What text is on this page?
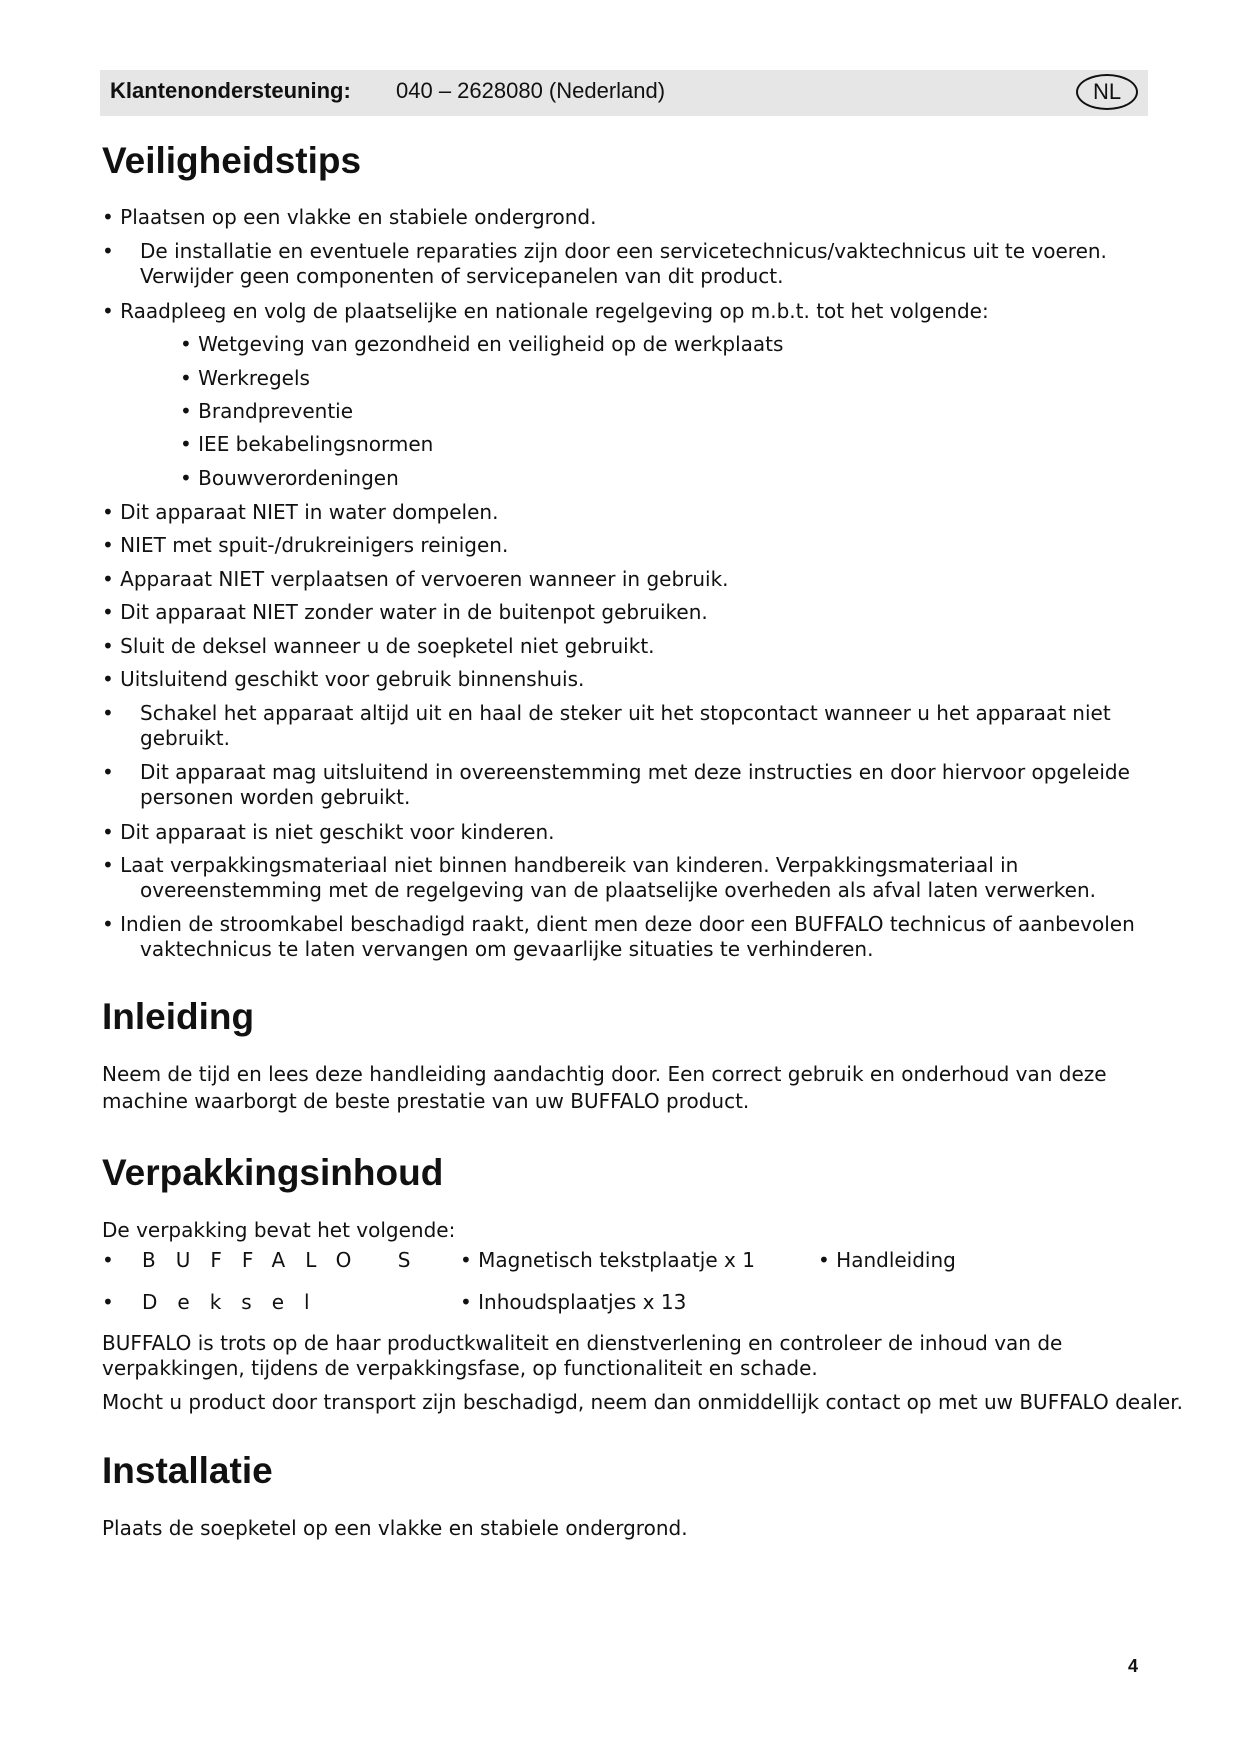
Klantenondersteuning: 040 – 2628080 (Nederland)	NL
Veiligheidstips
• Plaatsen op een vlakke en stabiele ondergrond.
• De installatie en eventuele reparaties zijn door een servicetechnicus/vaktechnicus uit te voeren.
Verwijder geen componenten of servicepanelen van dit product.
• Raadpleeg en volg de plaatselijke en nationale regelgeving op m.b.t. tot het volgende:
• Wetgeving van gezondheid en veiligheid op de werkplaats
• Werkregels
• Brandpreventie
• IEE bekabelingsnormen
• Bouwverordeningen
• Dit apparaat NIET in water dompelen.
• NIET met spuit-/drukreinigers reinigen.
• Apparaat NIET verplaatsen of vervoeren wanneer in gebruik.
• Dit apparaat NIET zonder water in de buitenpot gebruiken.
• Sluit de deksel wanneer u de soepketel niet gebruikt.
• Uitsluitend geschikt voor gebruik binnenshuis.
• Schakel het apparaat altijd uit en haal de steker uit het stopcontact wanneer u het apparaat niet
gebruikt.
• Dit apparaat mag uitsluitend in overeenstemming met deze instructies en door hiervoor opgeleide
personen worden gebruikt.
• Dit apparaat is niet geschikt voor kinderen.
• Laat verpakkingsmateriaal niet binnen handbereik van kinderen. Verpakkingsmateriaal in
overeenstemming met de regelgeving van de plaatselijke overheden als afval laten verwerken.
• Indien de stroomkabel beschadigd raakt, dient men deze door een BUFFALO technicus of aanbevolen
vaktechnicus te laten vervangen om gevaarlijke situaties te verhinderen.
Inleiding
Neem de tijd en lees deze handleiding aandachtig door. Een correct gebruik en onderhoud van deze
machine waarborgt de beste prestatie van uw BUFFALO product.
Verpakkingsinhoud
De verpakking bevat het volgende:
• BUFFALO S • Magnetisch tekstplaatje x 1	• Handleiding
• Deksel	• Inhoudsplaatjes x 13
BUFFALO is trots op de haar productkwaliteit en dienstverlening en controleer de inhoud van de
verpakkingen, tijdens de verpakkingsfase, op functionaliteit en schade.
Mocht u product door transport zijn beschadigd, neem dan onmiddellijk contact op met uw BUFFALO dealer.
Installatie
Plaats de soepketel op een vlakke en stabiele ondergrond.
4
